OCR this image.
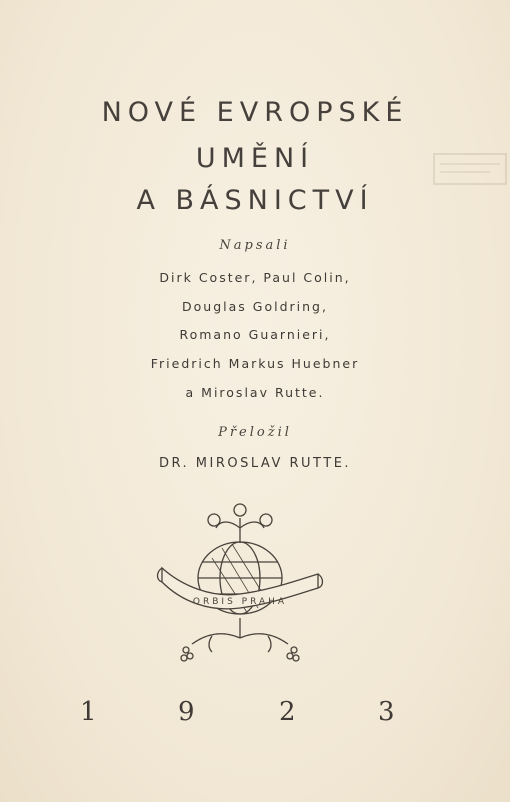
NOVÉ EVROPSKÉ
UMĚNÍ
A BÁSNICTVÍ
Napsali
Dirk Coster, Paul Colin,
Douglas Goldring,
Romano Guarnieri,
Friedrich Markus Huebner
a Miroslav Rutte.
Přeložil
DR. MIROSLAV RUTTE.
ORBIS PRAHA
1	9	2	3
